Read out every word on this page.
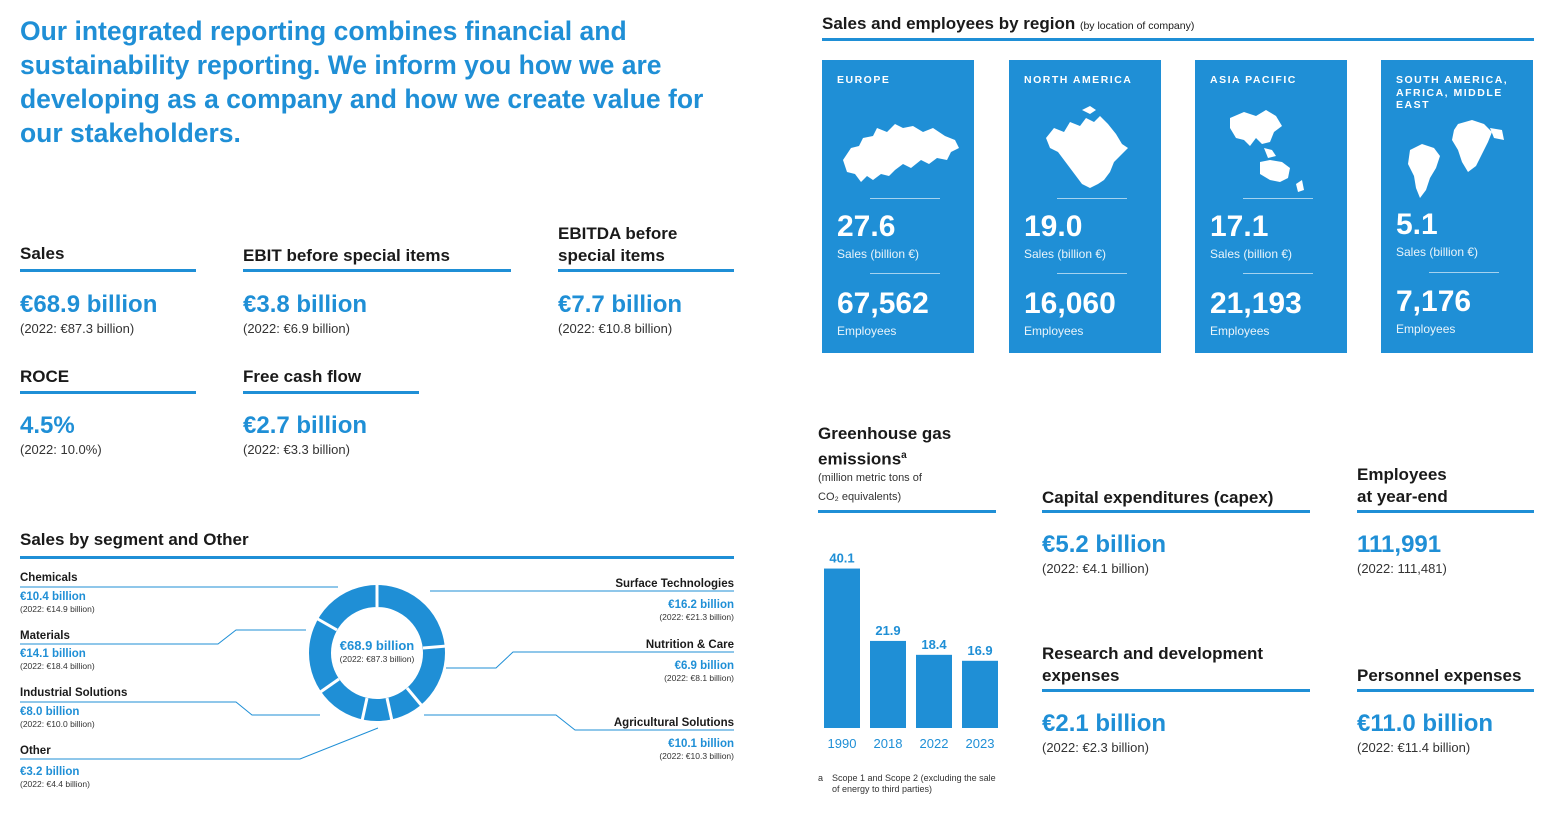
Our integrated reporting combines financial and sustainability reporting. We inform you how we are developing as a company and how we create value for our stakeholders.
Sales
€68.9 billion
(2022: €87.3 billion)
EBIT before special items
€3.8 billion
(2022: €6.9 billion)
EBITDA before
special items
€7.7 billion
(2022: €10.8 billion)
ROCE
4.5%
(2022: 10.0%)
Free cash flow
€2.7 billion
(2022: €3.3 billion)
Sales by segment and Other
€68.9 billion
(2022: €87.3 billion)
Chemicals
€10.4 billion
(2022: €14.9 billion)
Materials
€14.1 billion
(2022: €18.4 billion)
Industrial Solutions
€8.0 billion
(2022: €10.0 billion)
Other
€3.2 billion
(2022: €4.4 billion)
Surface Technologies
€16.2 billion
(2022: €21.3 billion)
Nutrition & Care
€6.9 billion
(2022: €8.1 billion)
Agricultural Solutions
€10.1 billion
(2022: €10.3 billion)
Sales and employees by region (by location of company)
EUROPE
27.6
Sales (billion €)
67,562
Employees
NORTH AMERICA
19.0
Sales (billion €)
16,060
Employees
ASIA PACIFIC
17.1
Sales (billion €)
21,193
Employees
SOUTH AMERICA, AFRICA, MIDDLE EAST
5.1
Sales (billion €)
7,176
Employees
Greenhouse gas
emissions$^a$
(million metric tons of
CO₂ equivalents)
40.1
1990
21.9
2018
18.4
2022
16.9
2023
a Scope 1 and Scope 2 (excluding the sale of energy to third parties)
Capital expenditures (capex)
€5.2 billion
(2022: €4.1 billion)
Employees
at year-end
111,991
(2022: 111,481)
Research and development
expenses
€2.1 billion
(2022: €2.3 billion)
Personnel expenses
€11.0 billion
(2022: €11.4 billion)
